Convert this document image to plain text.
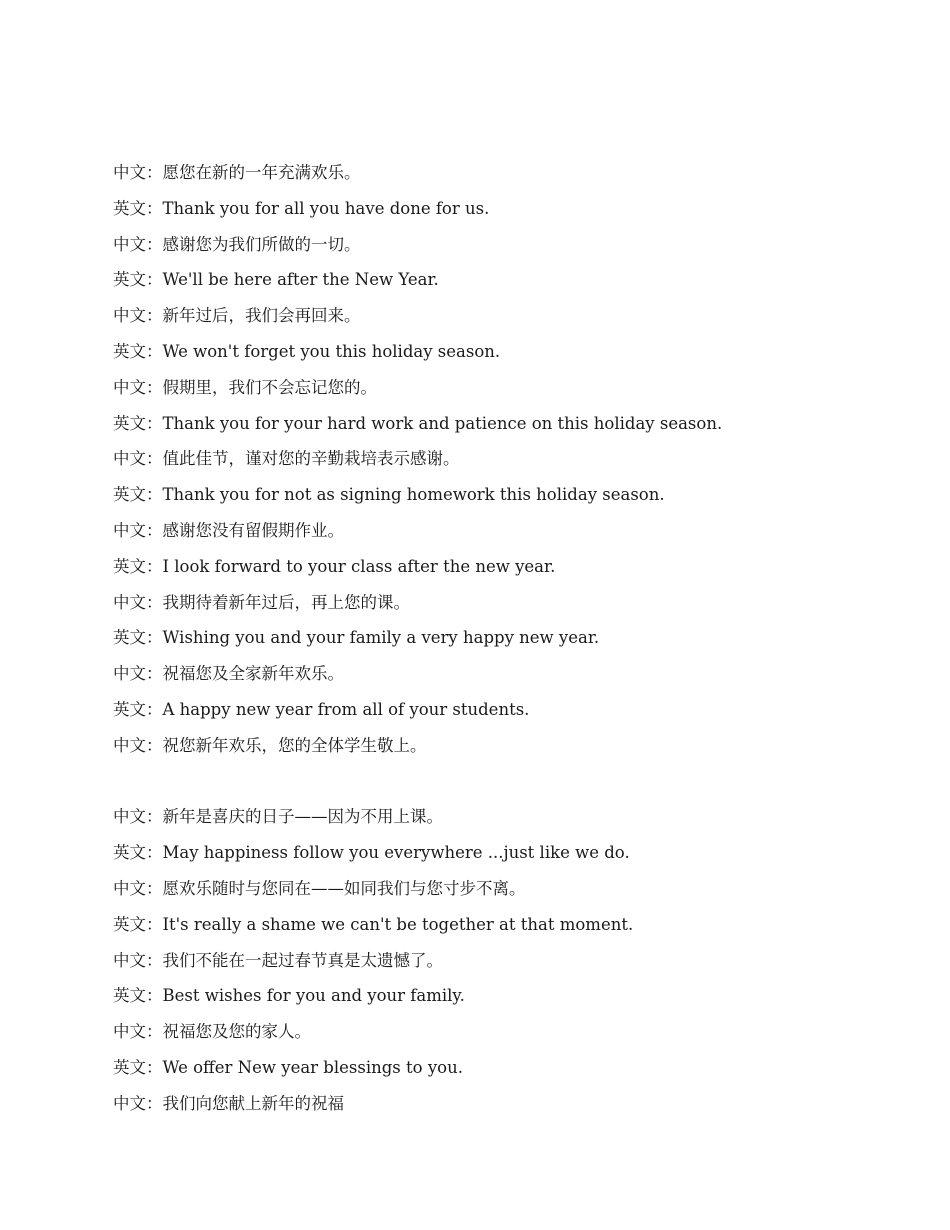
中文：愿您在新的一年充满欢乐。
英文：Thank you for all you have done for us.
中文：感谢您为我们所做的一切。
英文：We'll be here after the New Year.
中文：新年过后，我们会再回来。
英文：We won't forget you this holiday season.
中文：假期里，我们不会忘记您的。
英文：Thank you for your hard work and patience on this holiday season.
中文：值此佳节，谨对您的辛勤栽培表示感谢。
英文：Thank you for not as signing homework this holiday season.
中文：感谢您没有留假期作业。
英文：I look forward to your class after the new year.
中文：我期待着新年过后，再上您的课。
英文：Wishing you and your family a very happy new year.
中文：祝福您及全家新年欢乐。
英文：A happy new year from all of your students.
中文：祝您新年欢乐，您的全体学生敬上。
中文：新年是喜庆的日子——因为不用上课。
英文：May happiness follow you everywhere ...just like we do.
中文：愿欢乐随时与您同在——如同我们与您寸步不离。
英文：It's really a shame we can't be together at that moment.
中文：我们不能在一起过春节真是太遗憾了。
英文：Best wishes for you and your family.
中文：祝福您及您的家人。
英文：We offer New year blessings to you.
中文：我们向您献上新年的祝福
